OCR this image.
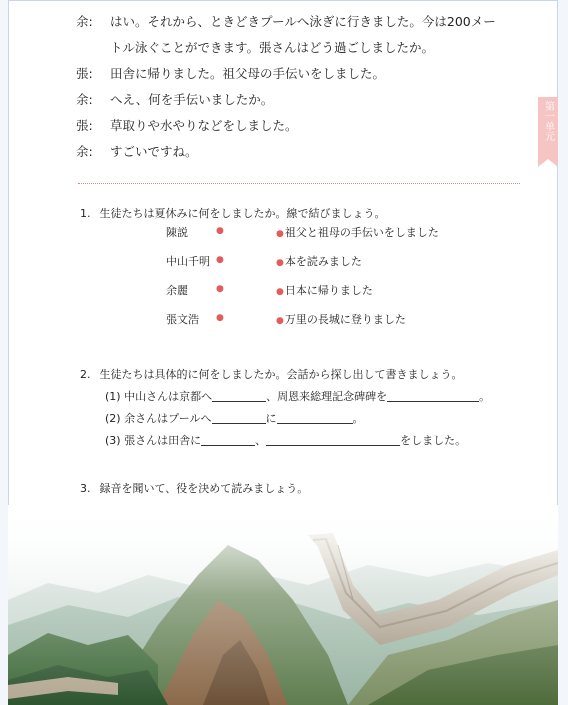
余:	はい。それから、ときどきプールへ泳ぎに行きました。今は200メー
トル泳ぐことができます。張さんはどう過ごしましたか。
張:	田舎に帰りました。祖父母の手伝いをしました。
余:	へえ、何を手伝いましたか。
張:	草取りや水やりなどをしました。
余:	すごいですね。
第一单元
1. 生徒たちは夏休みに何をしましたか。線で結びましょう。
陳説	●	●祖父と祖母の手伝いをしました
中山千明 ●	●本を読みました
余麗	●	●日本に帰りました
張文浩 ●	●万里の長城に登りました
2. 生徒たちは具体的に何をしましたか。会話から探し出して書きましょう。
(1) 中山さんは京都へ	、周恩来総理記念碑碑を	。
(2) 余さんはプールへ	に	。
(3) 張さんは田舎に	、	をしました。
3. 録音を聞いて、役を決めて読みましょう。
